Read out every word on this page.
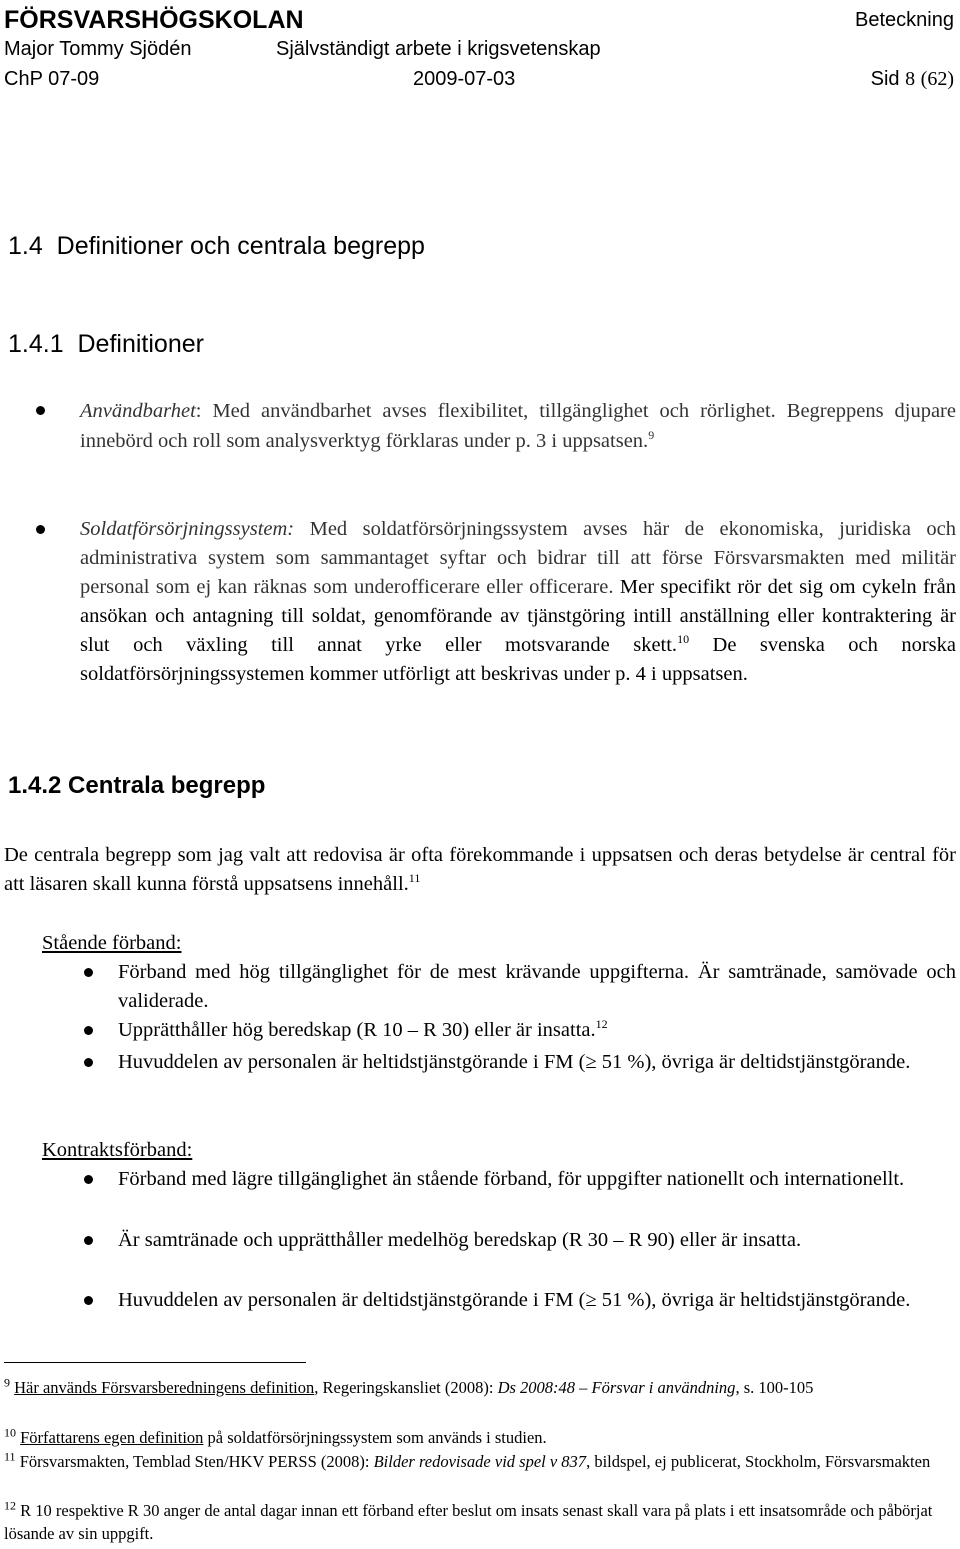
FÖRSVARSHÖGSKOLAN	Beteckning
Major Tommy Sjödén	Självständigt arbete i krigsvetenskap
ChP 07-09	2009-07-03	Sid 8 (62)
1.4  Definitioner och centrala begrepp
1.4.1  Definitioner
Användbarhet: Med användbarhet avses flexibilitet, tillgänglighet och rörlighet. Begreppens djupare innebörd och roll som analysverktyg förklaras under p. 3 i uppsatsen.$^9$
Soldatförsörjningssystem: Med soldatförsörjningssystem avses här de ekonomiska, juridiska och administrativa system som sammantaget syftar och bidrar till att förse Försvarsmakten med militär personal som ej kan räknas som underofficerare eller officerare. Mer specifikt rör det sig om cykeln från ansökan och antagning till soldat, genomförande av tjänstgöring intill anställning eller kontraktering är slut och växling till annat yrke eller motsvarande skett.$^{10}$ De svenska och norska soldatförsörjningssystemen kommer utförligt att beskrivas under p. 4 i uppsatsen.
1.4.2 Centrala begrepp
De centrala begrepp som jag valt att redovisa är ofta förekommande i uppsatsen och deras betydelse är central för att läsaren skall kunna förstå uppsatsens innehåll.$^{11}$
Stående förband:
Förband med hög tillgänglighet för de mest krävande uppgifterna. Är samtränade, samövade och validerade.
Upprätthåller hög beredskap (R 10 – R 30) eller är insatta.$^{12}$
Huvuddelen av personalen är heltidstjänstgörande i FM (≥ 51 %), övriga är deltidstjänstgörande.
Kontraktsförband:
Förband med lägre tillgänglighet än stående förband, för uppgifter nationellt och internationellt.
Är samtränade och upprätthåller medelhög beredskap (R 30 – R 90) eller är insatta.
Huvuddelen av personalen är deltidstjänstgörande i FM (≥ 51 %), övriga är heltidstjänstgörande.
$^9$ Här används Försvarsberedningens definition, Regeringskansliet (2008): Ds 2008:48 – Försvar i användning, s. 100-105
$^{10}$ Författarens egen definition på soldatförsörjningssystem som används i studien.
$^{11}$ Försvarsmakten, Temblad Sten/HKV PERSS (2008): Bilder redovisade vid spel v 837, bildspel, ej publicerat, Stockholm, Försvarsmakten
$^{12}$ R 10 respektive R 30 anger de antal dagar innan ett förband efter beslut om insats senast skall vara på plats i ett insatsområde och påbörjat lösande av sin uppgift.
